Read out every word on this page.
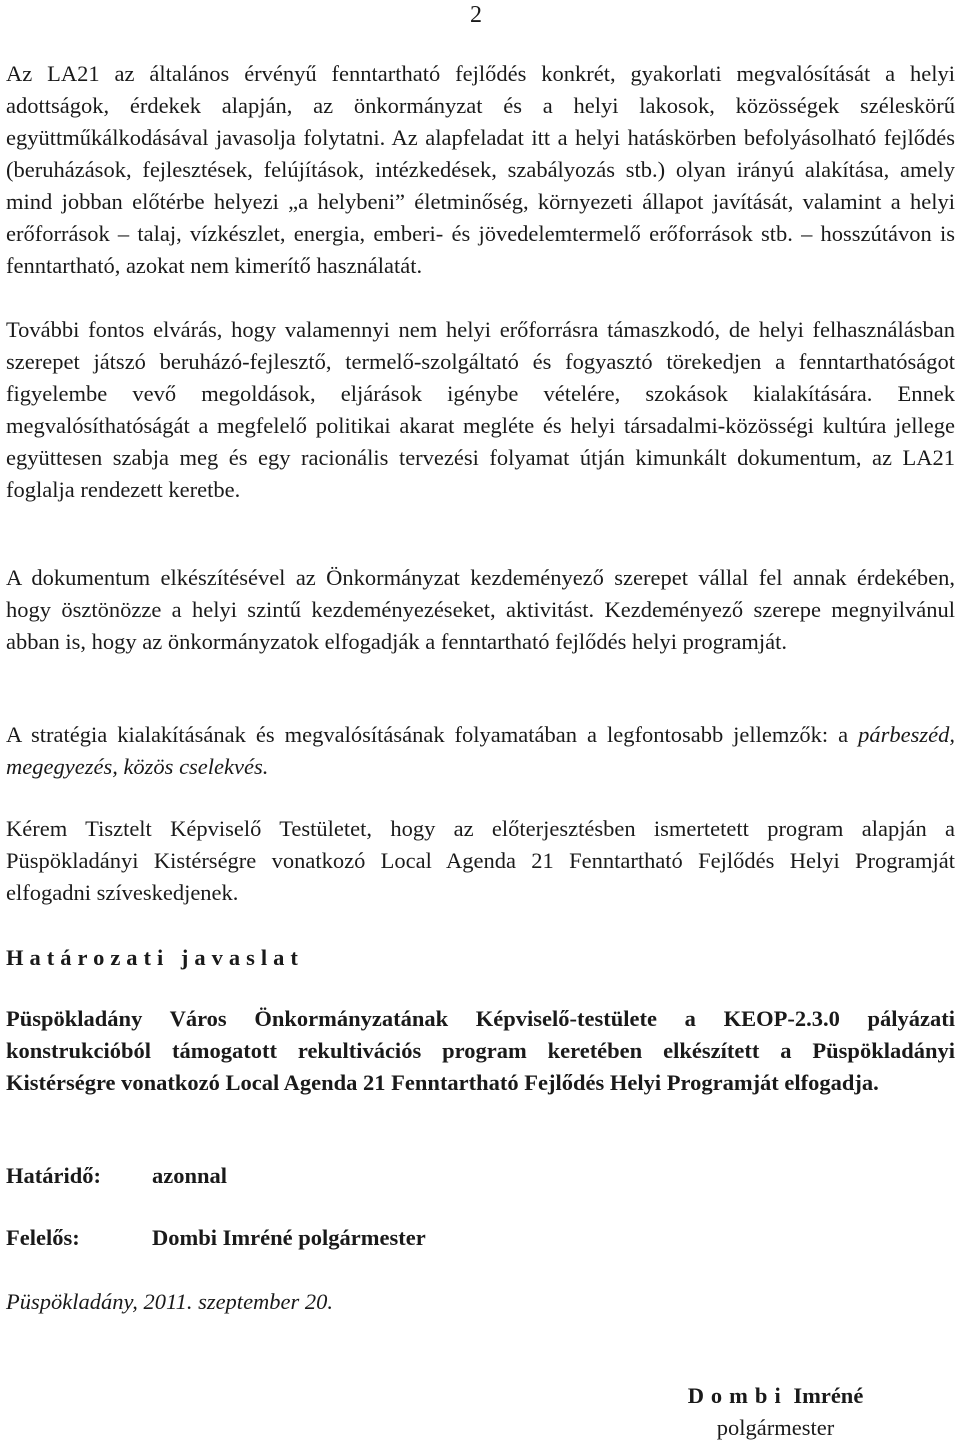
2

Az LA21 az általános érvényű fenntartható fejlődés konkrét, gyakorlati megvalósítását a helyi adottságok, érdekek alapján, az önkormányzat és a helyi lakosok, közösségek széleskörű együttműkálkodásával javasolja folytatni. Az alapfeladat itt a helyi hatáskörben befolyásolható fejlődés (beruházások, fejlesztések, felújítások, intézkedések, szabályozás stb.) olyan irányú alakítása, amely mind jobban előtérbe helyezi „a helybeni” életminőség, környezeti állapot javítását, valamint a helyi erőforrások – talaj, vízkészlet, energia, emberi- és jövedelemtermelő erőforrások stb. – hosszútávon is fenntartható, azokat nem kimerítő használatát.

További fontos elvárás, hogy valamennyi nem helyi erőforrásra támaszkodó, de helyi felhasználásban szerepet játszó beruházó-fejlesztő, termelő-szolgáltató és fogyasztó törekedjen a fenntarthatóságot figyelembe vevő megoldások, eljárások igénybe vételére, szokások kialakítására. Ennek megvalósíthatóságát a megfelelő politikai akarat megléte és helyi társadalmi-közösségi kultúra jellege együttesen szabja meg és egy racionális tervezési folyamat útján kimunkált dokumentum, az LA21 foglalja rendezett keretbe.

A dokumentum elkészítésével az Önkormányzat kezdeményező szerepet vállal fel annak érdekében, hogy ösztönözze a helyi szintű kezdeményezéseket, aktivitást. Kezdeményező szerepe megnyilvánul abban is, hogy az önkormányzatok elfogadják a fenntartható fejlődés helyi programját.

A stratégia kialakításának és megvalósításának folyamatában a legfontosabb jellemzők: a párbeszéd, megegyezés, közös cselekvés.

Kérem Tisztelt Képviselő Testületet, hogy az előterjesztésben ismertetett program alapján a Püspökladányi Kistérségre vonatkozó Local Agenda 21 Fenntartható Fejlődés Helyi Programját elfogadni szíveskedjenek.

Határozati javaslat

Püspökladány Város Önkormányzatának Képviselő-testülete a KEOP-2.3.0 pályázati konstrukcióból támogatott rekultivációs program keretében elkészített a Püspökladányi Kistérségre vonatkozó Local Agenda 21 Fenntartható Fejlődés Helyi Programját elfogadja.

Határidő: azonnal
Felelős:	Dombi Imréné polgármester
Püspökladány, 2011. szeptember 20.
Dombi Imréné
polgármester
